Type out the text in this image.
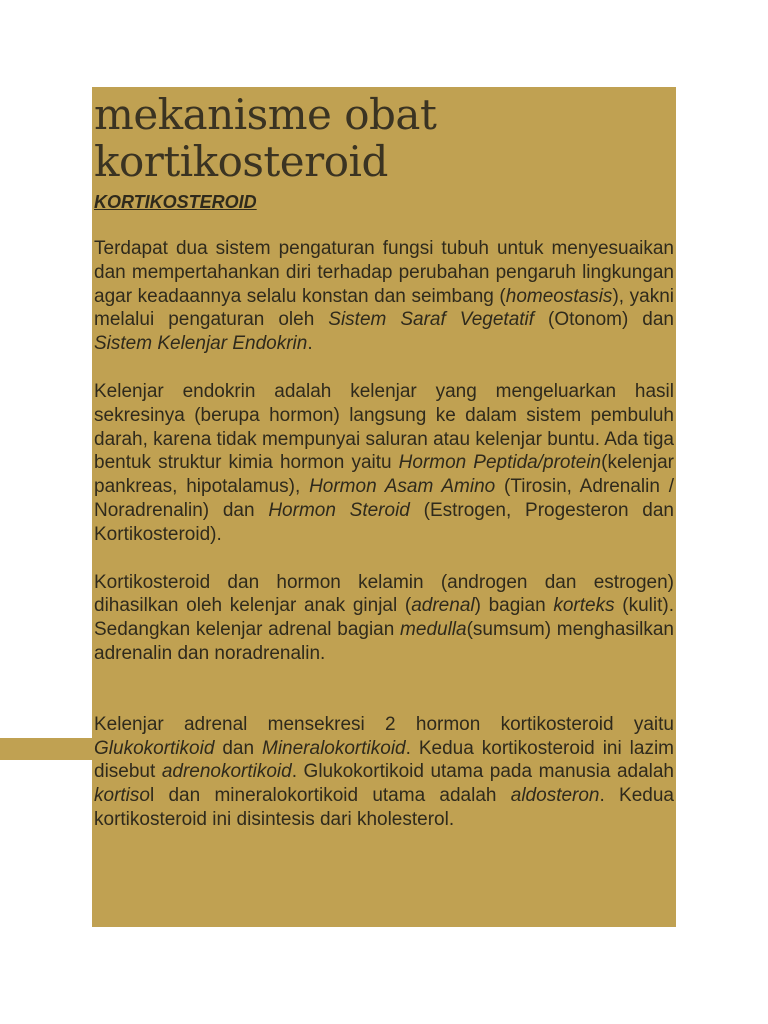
mekanisme obat kortikosteroid
KORTIKOSTEROID

Terdapat dua sistem pengaturan fungsi tubuh untuk menyesuaikan dan mempertahankan diri terhadap perubahan pengaruh lingkungan agar keadaannya selalu konstan dan seimbang (homeostasis), yakni melalui pengaturan oleh Sistem Saraf Vegetatif (Otonom) dan Sistem Kelenjar Endokrin.

Kelenjar endokrin adalah kelenjar yang mengeluarkan hasil sekresinya (berupa hormon) langsung ke dalam sistem pembuluh darah, karena tidak mempunyai saluran atau kelenjar buntu. Ada tiga bentuk struktur kimia hormon yaitu Hormon Peptida/protein(kelenjar pankreas, hipotalamus), Hormon Asam Amino (Tirosin, Adrenalin / Noradrenalin) dan Hormon Steroid (Estrogen, Progesteron dan Kortikosteroid).

Kortikosteroid dan hormon kelamin (androgen dan estrogen) dihasilkan oleh kelenjar anak ginjal (adrenal) bagian korteks (kulit). Sedangkan kelenjar adrenal bagian medulla(sumsum) menghasilkan adrenalin dan noradrenalin.

Kelenjar adrenal mensekresi 2 hormon kortikosteroid yaitu Glukokortikoid dan Mineralokortikoid. Kedua kortikosteroid ini lazim disebut adrenokortikoid. Glukokortikoid utama pada manusia adalah kortisol dan mineralokortikoid utama adalah aldosteron. Kedua kortikosteroid ini disintesis dari kholesterol.
